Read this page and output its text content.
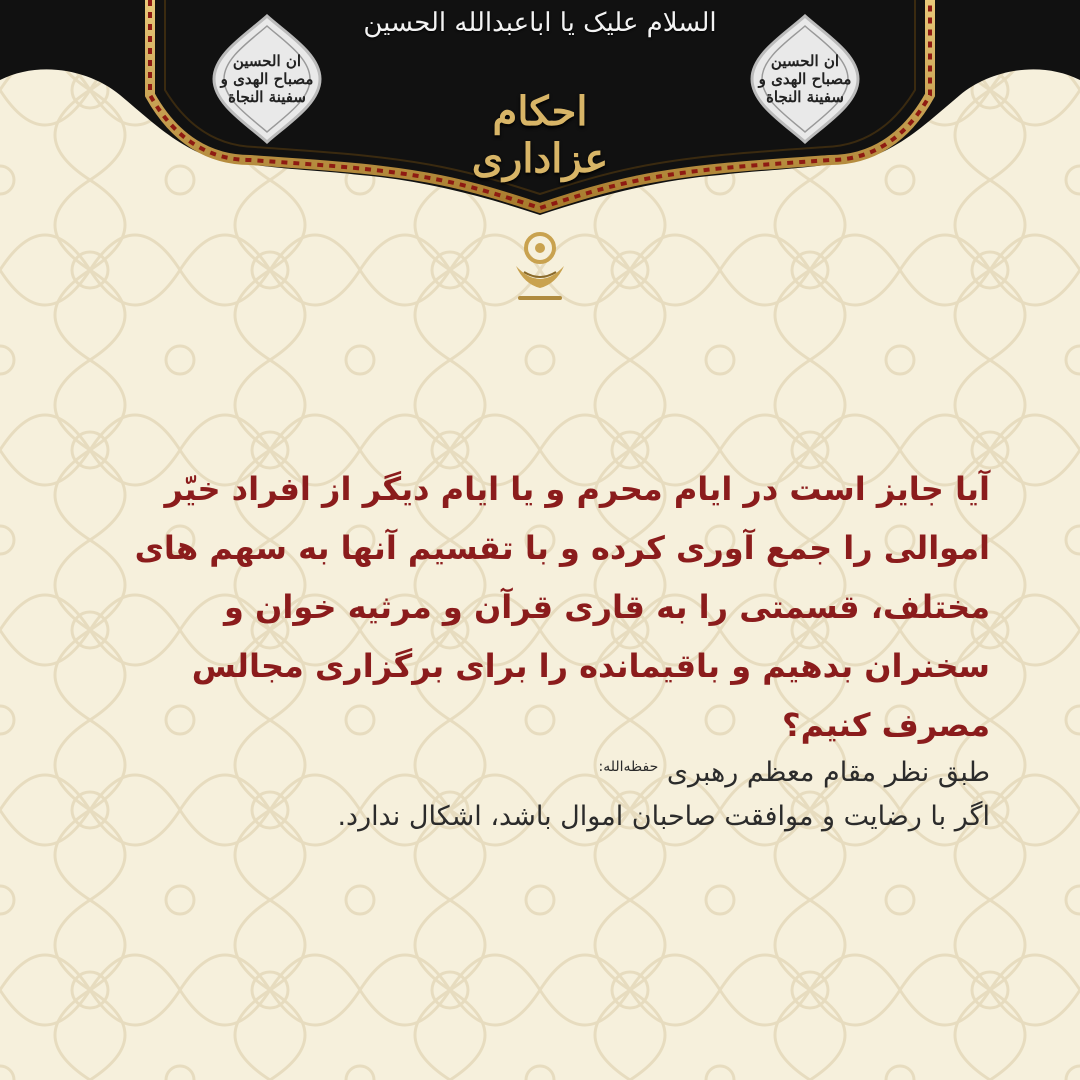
السلام علیک یا اباعبدالله الحسین
احکام عزاداری
ان الحسین مصباح الهدی و سفینة النجاة
ان الحسین مصباح الهدی و سفینة النجاة
آیا جایز است در ایام محرم و یا ایام دیگر از افراد خیّر اموالی را جمع آوری کرده و با تقسیم آنها به سهم های مختلف، قسمتی را به قاری قرآن و مرثیه خوان و سخنران بدهیم و باقیمانده را برای برگزاری مجالس مصرف کنیم؟
طبق نظر مقام معظم رهبری $^{حفظه‌الله:}$
اگر با رضایت و موافقت صاحبان اموال باشد، اشکال ندارد.
